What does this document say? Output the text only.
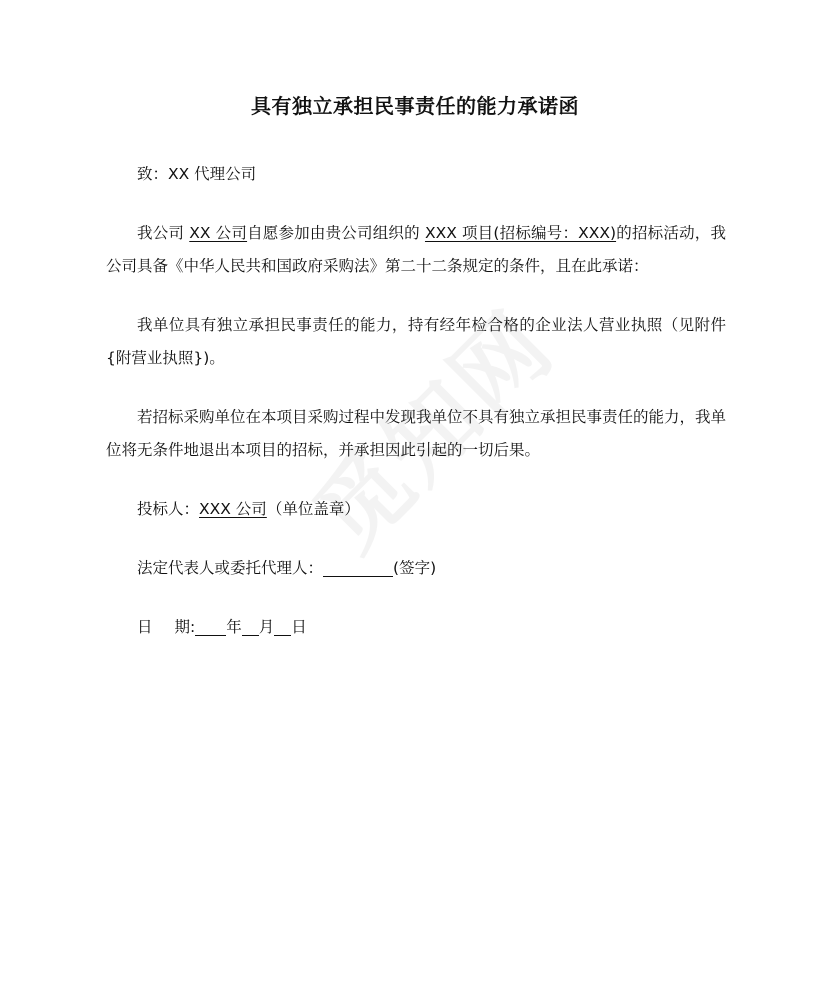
具有独立承担民事责任的能力承诺函

致：XX 代理公司

我公司 XX 公司自愿参加由贵公司组织的 XXX 项目(招标编号：XXX)的招标活动，我公司具备《中华人民共和国政府采购法》第二十二条规定的条件，且在此承诺：

我单位具有独立承担民事责任的能力，持有经年检合格的企业法人营业执照（见附件{附营业执照})。

若招标采购单位在本项目采购过程中发现我单位不具有独立承担民事责任的能力，我单位将无条件地退出本项目的招标，并承担因此引起的一切后果。

投标人：XXX 公司（单位盖章）

法定代表人或委托代理人：	(签字)

日 期: 年 月 日
